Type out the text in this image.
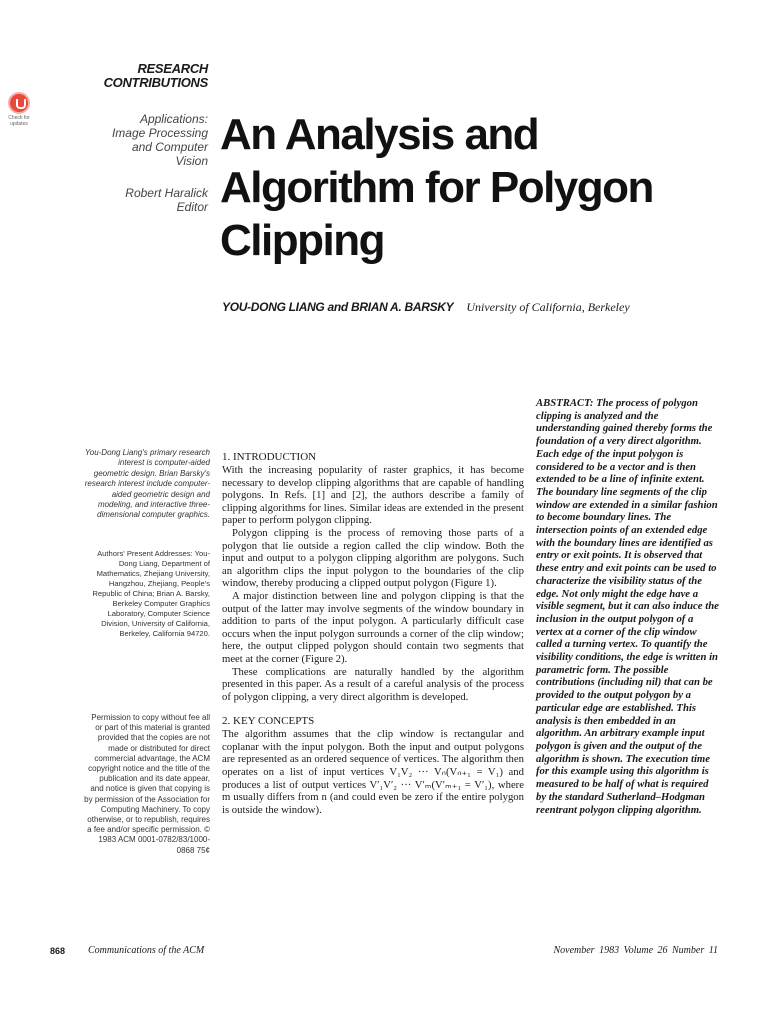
RESEARCH
CONTRIBUTIONS
Check for
updates	Applications:
Image Processing
and Computer
Vision
Robert Haralick
Editor
An Analysis and
Algorithm for Polygon
Clipping
YOU-DONG LIANG and BRIAN A. BARSKY University of California, Berkeley

You-Dong Liang's primary research interest is computer-aided geometric design. Brian Barsky's research interest include computer-aided geometric design and modeling, and interactive three-dimensional computer graphics.

Authors' Present Addresses: You-Dong Liang, Department of Mathematics, Zhejiang University, Hangzhou, Zhejiang, People's Republic of China; Brian A. Barsky, Berkeley Computer Graphics Laboratory, Computer Science Division, University of California, Berkeley, California 94720.

Permission to copy without fee all or part of this material is granted provided that the copies are not made or distributed for direct commercial advantage, the ACM copyright notice and the title of the publication and its date appear, and notice is given that copying is by permission of the Association for Computing Machinery. To copy otherwise, or to republish, requires a fee and/or specific permission. © 1983 ACM 0001-0782/83/1000-0868 75¢

1. INTRODUCTION

With the increasing popularity of raster graphics, it has become necessary to develop clipping algorithms that are capable of handling polygons. In Refs. [1] and [2], the authors describe a family of clipping algorithms for lines. Similar ideas are extended in the present paper to perform polygon clipping.

Polygon clipping is the process of removing those parts of a polygon that lie outside a region called the clip window. Both the input and output to a polygon clipping algorithm are polygons. Such an algorithm clips the input polygon to the boundaries of the clip window, thereby producing a clipped output polygon (Figure 1).

A major distinction between line and polygon clipping is that the output of the latter may involve segments of the window boundary in addition to parts of the input polygon. A particularly difficult case occurs when the input polygon surrounds a corner of the clip window; here, the output clipped polygon should contain two segments that meet at the corner (Figure 2).

These complications are naturally handled by the algorithm presented in this paper. As a result of a careful analysis of the process of polygon clipping, a very direct algorithm is developed.

2. KEY CONCEPTS

The algorithm assumes that the clip window is rectangular and coplanar with the input polygon. Both the input and output polygons are represented as an ordered sequence of vertices. The algorithm then operates on a list of input vertices V₁V₂ ··· Vₙ(Vₙ₊₁ = V₁) and produces a list of output vertices V′₁V′₂ ··· V′ₘ(V′ₘ₊₁ = V′₁), where m usually differs from n (and could even be zero if the entire polygon is outside the window).

ABSTRACT: The process of polygon clipping is analyzed and the understanding gained thereby forms the foundation of a very direct algorithm. Each edge of the input polygon is considered to be a vector and is then extended to be a line of infinite extent. The boundary line segments of the clip window are extended in a similar fashion to become boundary lines. The intersection points of an extended edge with the boundary lines are identified as entry or exit points. It is observed that these entry and exit points can be used to characterize the visibility status of the edge. Not only might the edge have a visible segment, but it can also induce the inclusion in the output polygon of a vertex at a corner of the clip window called a turning vertex. To quantify the visibility conditions, the edge is written in parametric form. The possible contributions (including nil) that can be provided to the output polygon by a particular edge are established. This analysis is then embedded in an algorithm. An arbitrary example input polygon is given and the output of the algorithm is shown. The execution time for this example using this algorithm is measured to be half of what is required by the standard Sutherland–Hodgman reentrant polygon clipping algorithm.
868 Communications of the ACM	November 1983 Volume 26 Number 11
